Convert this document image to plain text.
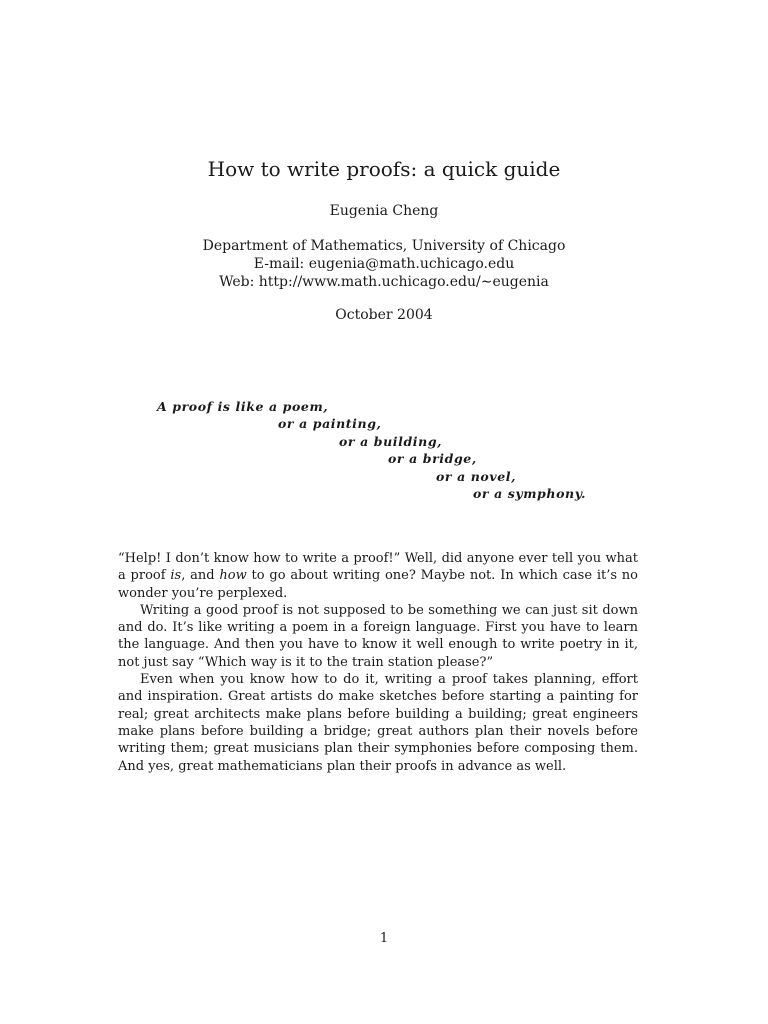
How to write proofs: a quick guide
Eugenia Cheng
Department of Mathematics, University of Chicago
E-mail: eugenia@math.uchicago.edu
Web: http://www.math.uchicago.edu/∼eugenia
October 2004
A proof is like a poem,
or a painting,
or a building,
or a bridge,
or a novel,
or a symphony.

“Help! I don’t know how to write a proof!” Well, did anyone ever tell you what a proof is, and how to go about writing one? Maybe not. In which case it’s no wonder you’re perplexed.

Writing a good proof is not supposed to be something we can just sit down and do. It’s like writing a poem in a foreign language. First you have to learn the language. And then you have to know it well enough to write poetry in it, not just say “Which way is it to the train station please?”

Even when you know how to do it, writing a proof takes planning, effort and inspiration. Great artists do make sketches before starting a painting for real; great architects make plans before building a building; great engineers make plans before building a bridge; great authors plan their novels before writing them; great musicians plan their symphonies before composing them. And yes, great mathematicians plan their proofs in advance as well.

1
